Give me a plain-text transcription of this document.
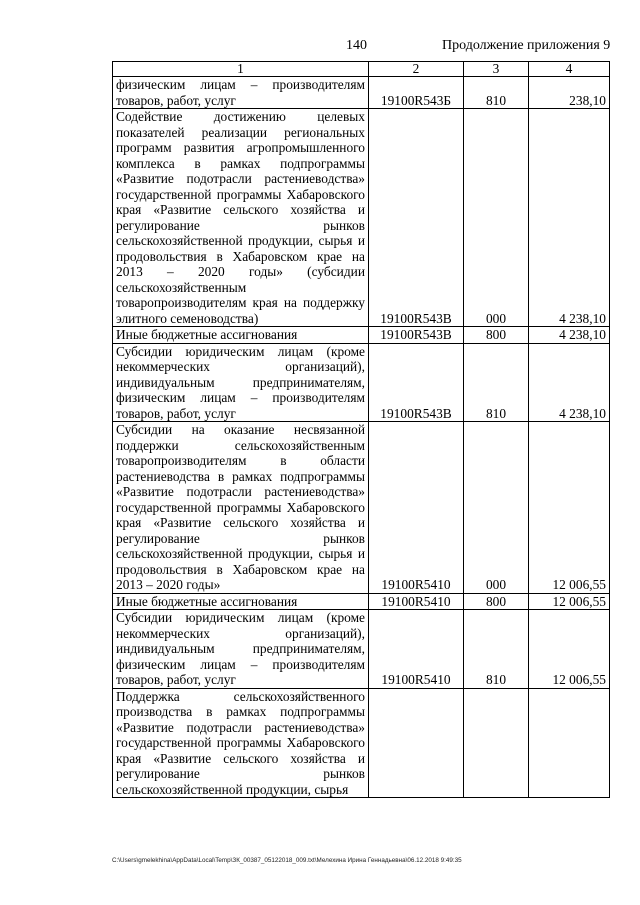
140	Продолжение приложения 9
1	2	3	4
физическим лицам – производителям товаров, работ, услуг	19100R543Б	810	238,10
Содействие достижению целевых показателей реализации региональных программ развития агропромышленного комплекса в рамках подпрограммы «Развитие подотрасли растениеводства» государственной программы Хабаровского края «Развитие сельского хозяйства и регулирование рынков сельскохозяйственной продукции, сырья и продовольствия в Хабаровском крае на 2013 – 2020 годы» (субсидии сельскохозяйственным товаропроизводителям края на поддержку элитного семеноводства)	19100R543В	000	4 238,10
Иные бюджетные ассигнования	19100R543В	800	4 238,10
Субсидии юридическим лицам (кроме некоммерческих организаций), индивидуальным предпринимателям, физическим лицам – производителям товаров, работ, услуг	19100R543В	810	4 238,10
Субсидии на оказание несвязанной поддержки сельскохозяйственным товаропроизводителям в области растениеводства в рамках подпрограммы «Развитие подотрасли растениеводства» государственной программы Хабаровского края «Развитие сельского хозяйства и регулирование рынков сельскохозяйственной продукции, сырья и продовольствия в Хабаровском крае на 2013 – 2020 годы»	19100R5410	000	12 006,55
Иные бюджетные ассигнования	19100R5410	800	12 006,55
Субсидии юридическим лицам (кроме некоммерческих организаций), индивидуальным предпринимателям, физическим лицам – производителям товаров, работ, услуг	19100R5410	810	12 006,55
Поддержка сельскохозяйственного производства в рамках подпрограммы «Развитие подотрасли растениеводства» государственной программы Хабаровского края «Развитие сельского хозяйства и регулирование рынков сельскохозяйственной продукции, сырья			
C:\Users\gmelekhina\AppData\Local\Temp\ЗК_00387_05122018_009.txt\Мелехина Ирина Геннадьевна\06.12.2018 9:49:35
